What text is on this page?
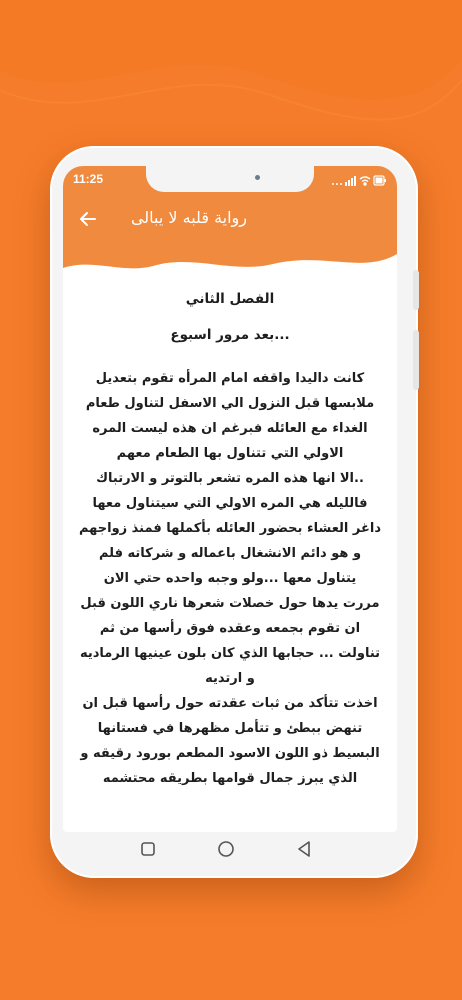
11:25
رواية قلبه لا يبالى
الفصل الثاني
...بعد مرور اسبوع

كانت داليدا واقفه امام المرأه تقوم بتعديل ملابسها قبل النزول الي الاسفل لتناول طعام الغداء مع العائله فبرغم ان هذه ليست المره الاولي التي تتناول بها الطعام معهم

..الا انها هذه المره تشعر بالتوتر و الارتباك

فالليله هي المره الاولي التي سيتناول معها داغر العشاء بحضور العائله بأكملها فمنذ زواجهم و هو دائم الانشغال باعماله و شركاته فلم يتناول معها ...ولو وجبه واحده حتي الان

مررت يدها حول خصلات شعرها ناري اللون قبل ان تقوم بجمعه وعقده فوق رأسها من ثم تناولت ... حجابها الذي كان بلون عينيها الرماديه و ارتديه

اخذت تتأكد من ثبات عقدته حول رأسها قبل ان تنهض ببطئ و تتأمل مظهرها في فستانها البسيط ذو اللون الاسود المطعم بورود رقيقه و الذي يبرز جمال قوامها بطريقه محتشمه
